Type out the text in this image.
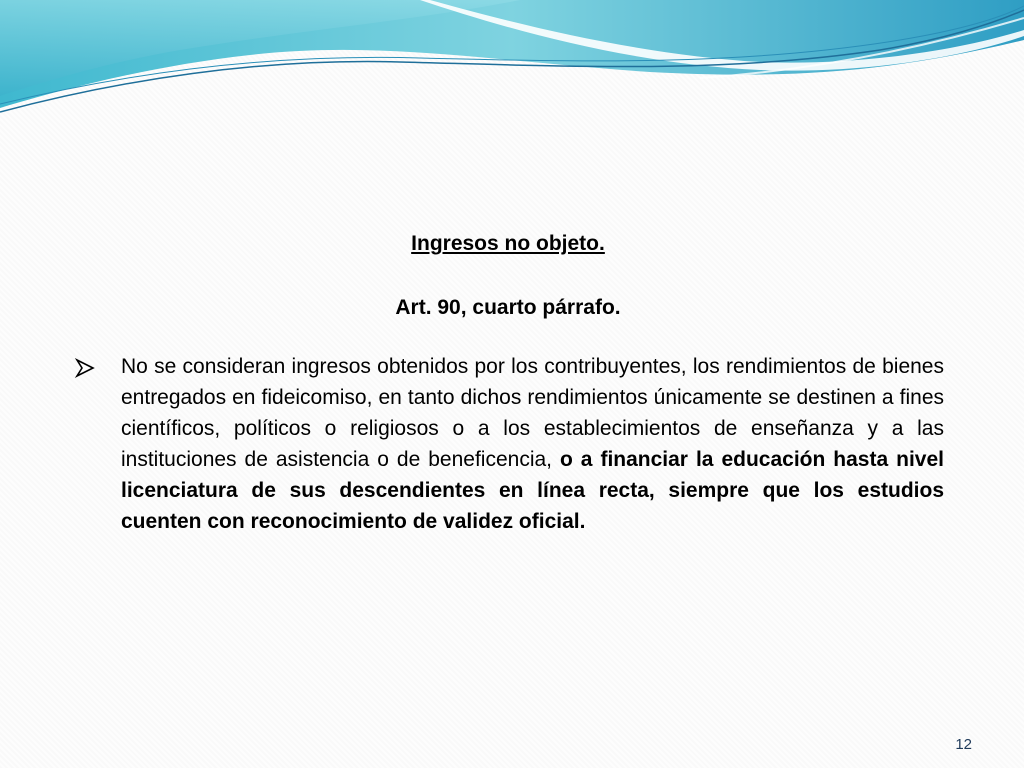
Ingresos no objeto.
Art. 90, cuarto párrafo.
No se consideran ingresos obtenidos por los contribuyentes, los rendimientos de bienes entregados en fideicomiso, en tanto dichos rendimientos únicamente se destinen a fines científicos, políticos o religiosos o a los establecimientos de enseñanza y a las instituciones de asistencia o de beneficencia, o a financiar la educación hasta nivel licenciatura de sus descendientes en línea recta, siempre que los estudios cuenten con reconocimiento de validez oficial.
12
